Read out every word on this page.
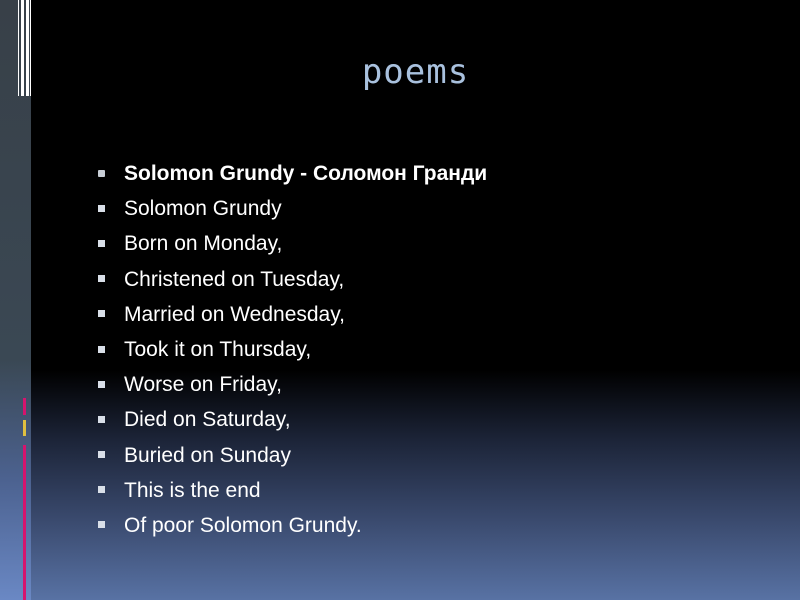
poems
Solomon Grundy - Соломон Гранди
Solomon Grundy
Born on Monday,
Christened on Tuesday,
Married on Wednesday,
Took it on Thursday,
Worse on Friday,
Died on Saturday,
Buried on Sunday
This is the end
Of poor Solomon Grundy.
